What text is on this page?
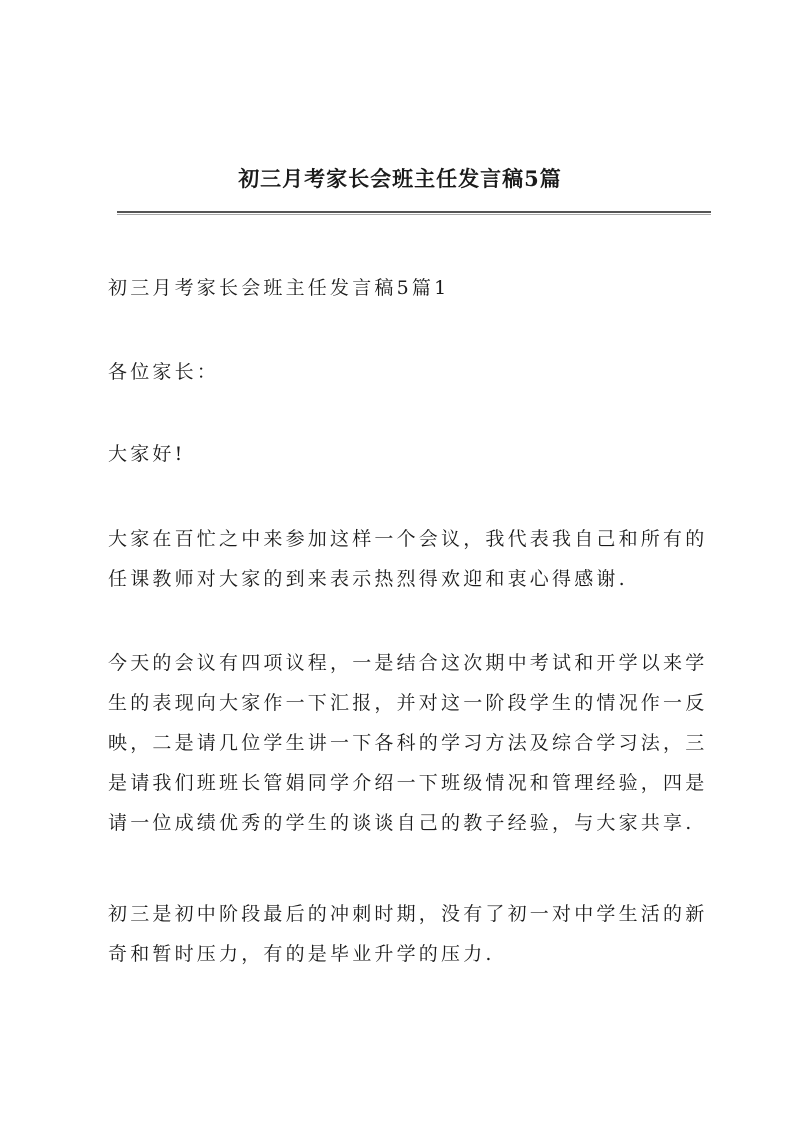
初三月考家长会班主任发言稿5篇

初三月考家长会班主任发言稿5篇1

各位家长：

大家好!

大家在百忙之中来参加这样一个会议，我代表我自己和所有的任课教师对大家的到来表示热烈得欢迎和衷心得感谢.

今天的会议有四项议程，一是结合这次期中考试和开学以来学生的表现向大家作一下汇报，并对这一阶段学生的情况作一反映，二是请几位学生讲一下各科的学习方法及综合学习法，三是请我们班班长管娟同学介绍一下班级情况和管理经验，四是请一位成绩优秀的学生的谈谈自己的教子经验，与大家共享.

初三是初中阶段最后的冲刺时期，没有了初一对中学生活的新奇和暂时压力，有的是毕业升学的压力.
